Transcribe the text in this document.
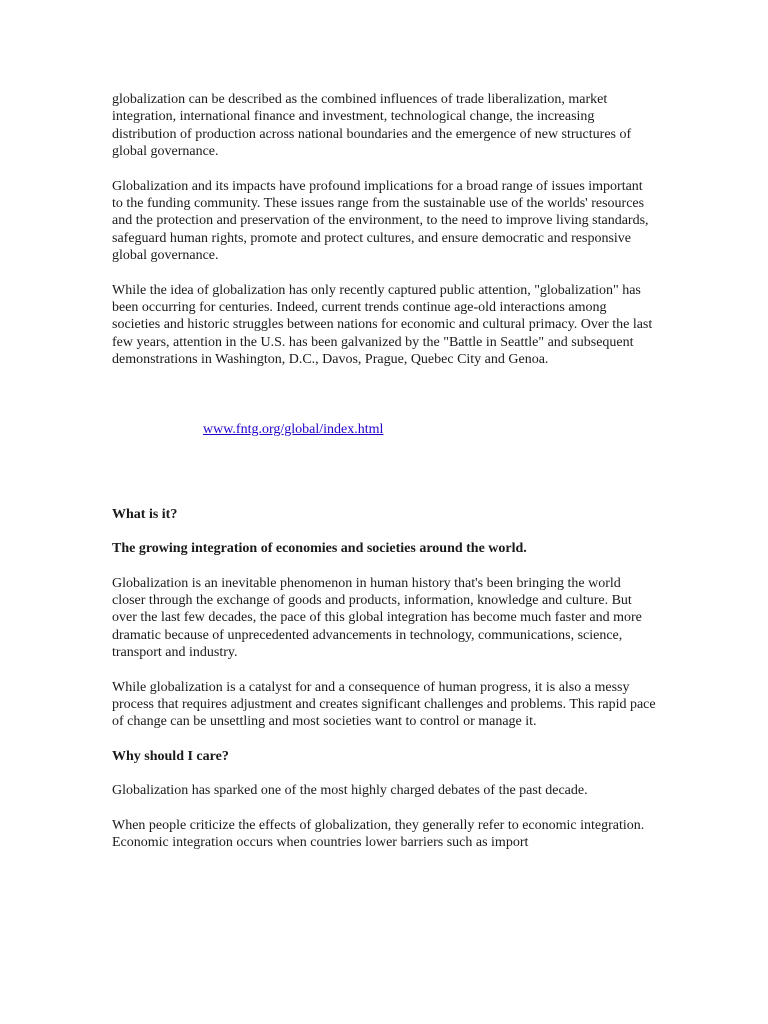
globalization can be described as the combined influences of trade liberalization, market integration, international finance and investment, technological change, the increasing distribution of production across national boundaries and the emergence of new structures of global governance.

Globalization and its impacts have profound implications for a broad range of issues important to the funding community. These issues range from the sustainable use of the worlds' resources and the protection and preservation of the environment, to the need to improve living standards, safeguard human rights, promote and protect cultures, and ensure democratic and responsive global governance.

While the idea of globalization has only recently captured public attention, "globalization" has been occurring for centuries. Indeed, current trends continue age-old interactions among societies and historic struggles between nations for economic and cultural primacy. Over the last few years, attention in the U.S. has been galvanized by the "Battle in Seattle" and subsequent demonstrations in Washington, D.C., Davos, Prague, Quebec City and Genoa.

www.fntg.org/global/index.html

What is it?

The growing integration of economies and societies around the world.

Globalization is an inevitable phenomenon in human history that's been bringing the world closer through the exchange of goods and products, information, knowledge and culture. But over the last few decades, the pace of this global integration has become much faster and more dramatic because of unprecedented advancements in technology, communications, science, transport and industry.

While globalization is a catalyst for and a consequence of human progress, it is also a messy process that requires adjustment and creates significant challenges and problems. This rapid pace of change can be unsettling and most societies want to control or manage it.

Why should I care?

Globalization has sparked one of the most highly charged debates of the past decade.

When people criticize the effects of globalization, they generally refer to economic integration. Economic integration occurs when countries lower barriers such as import
